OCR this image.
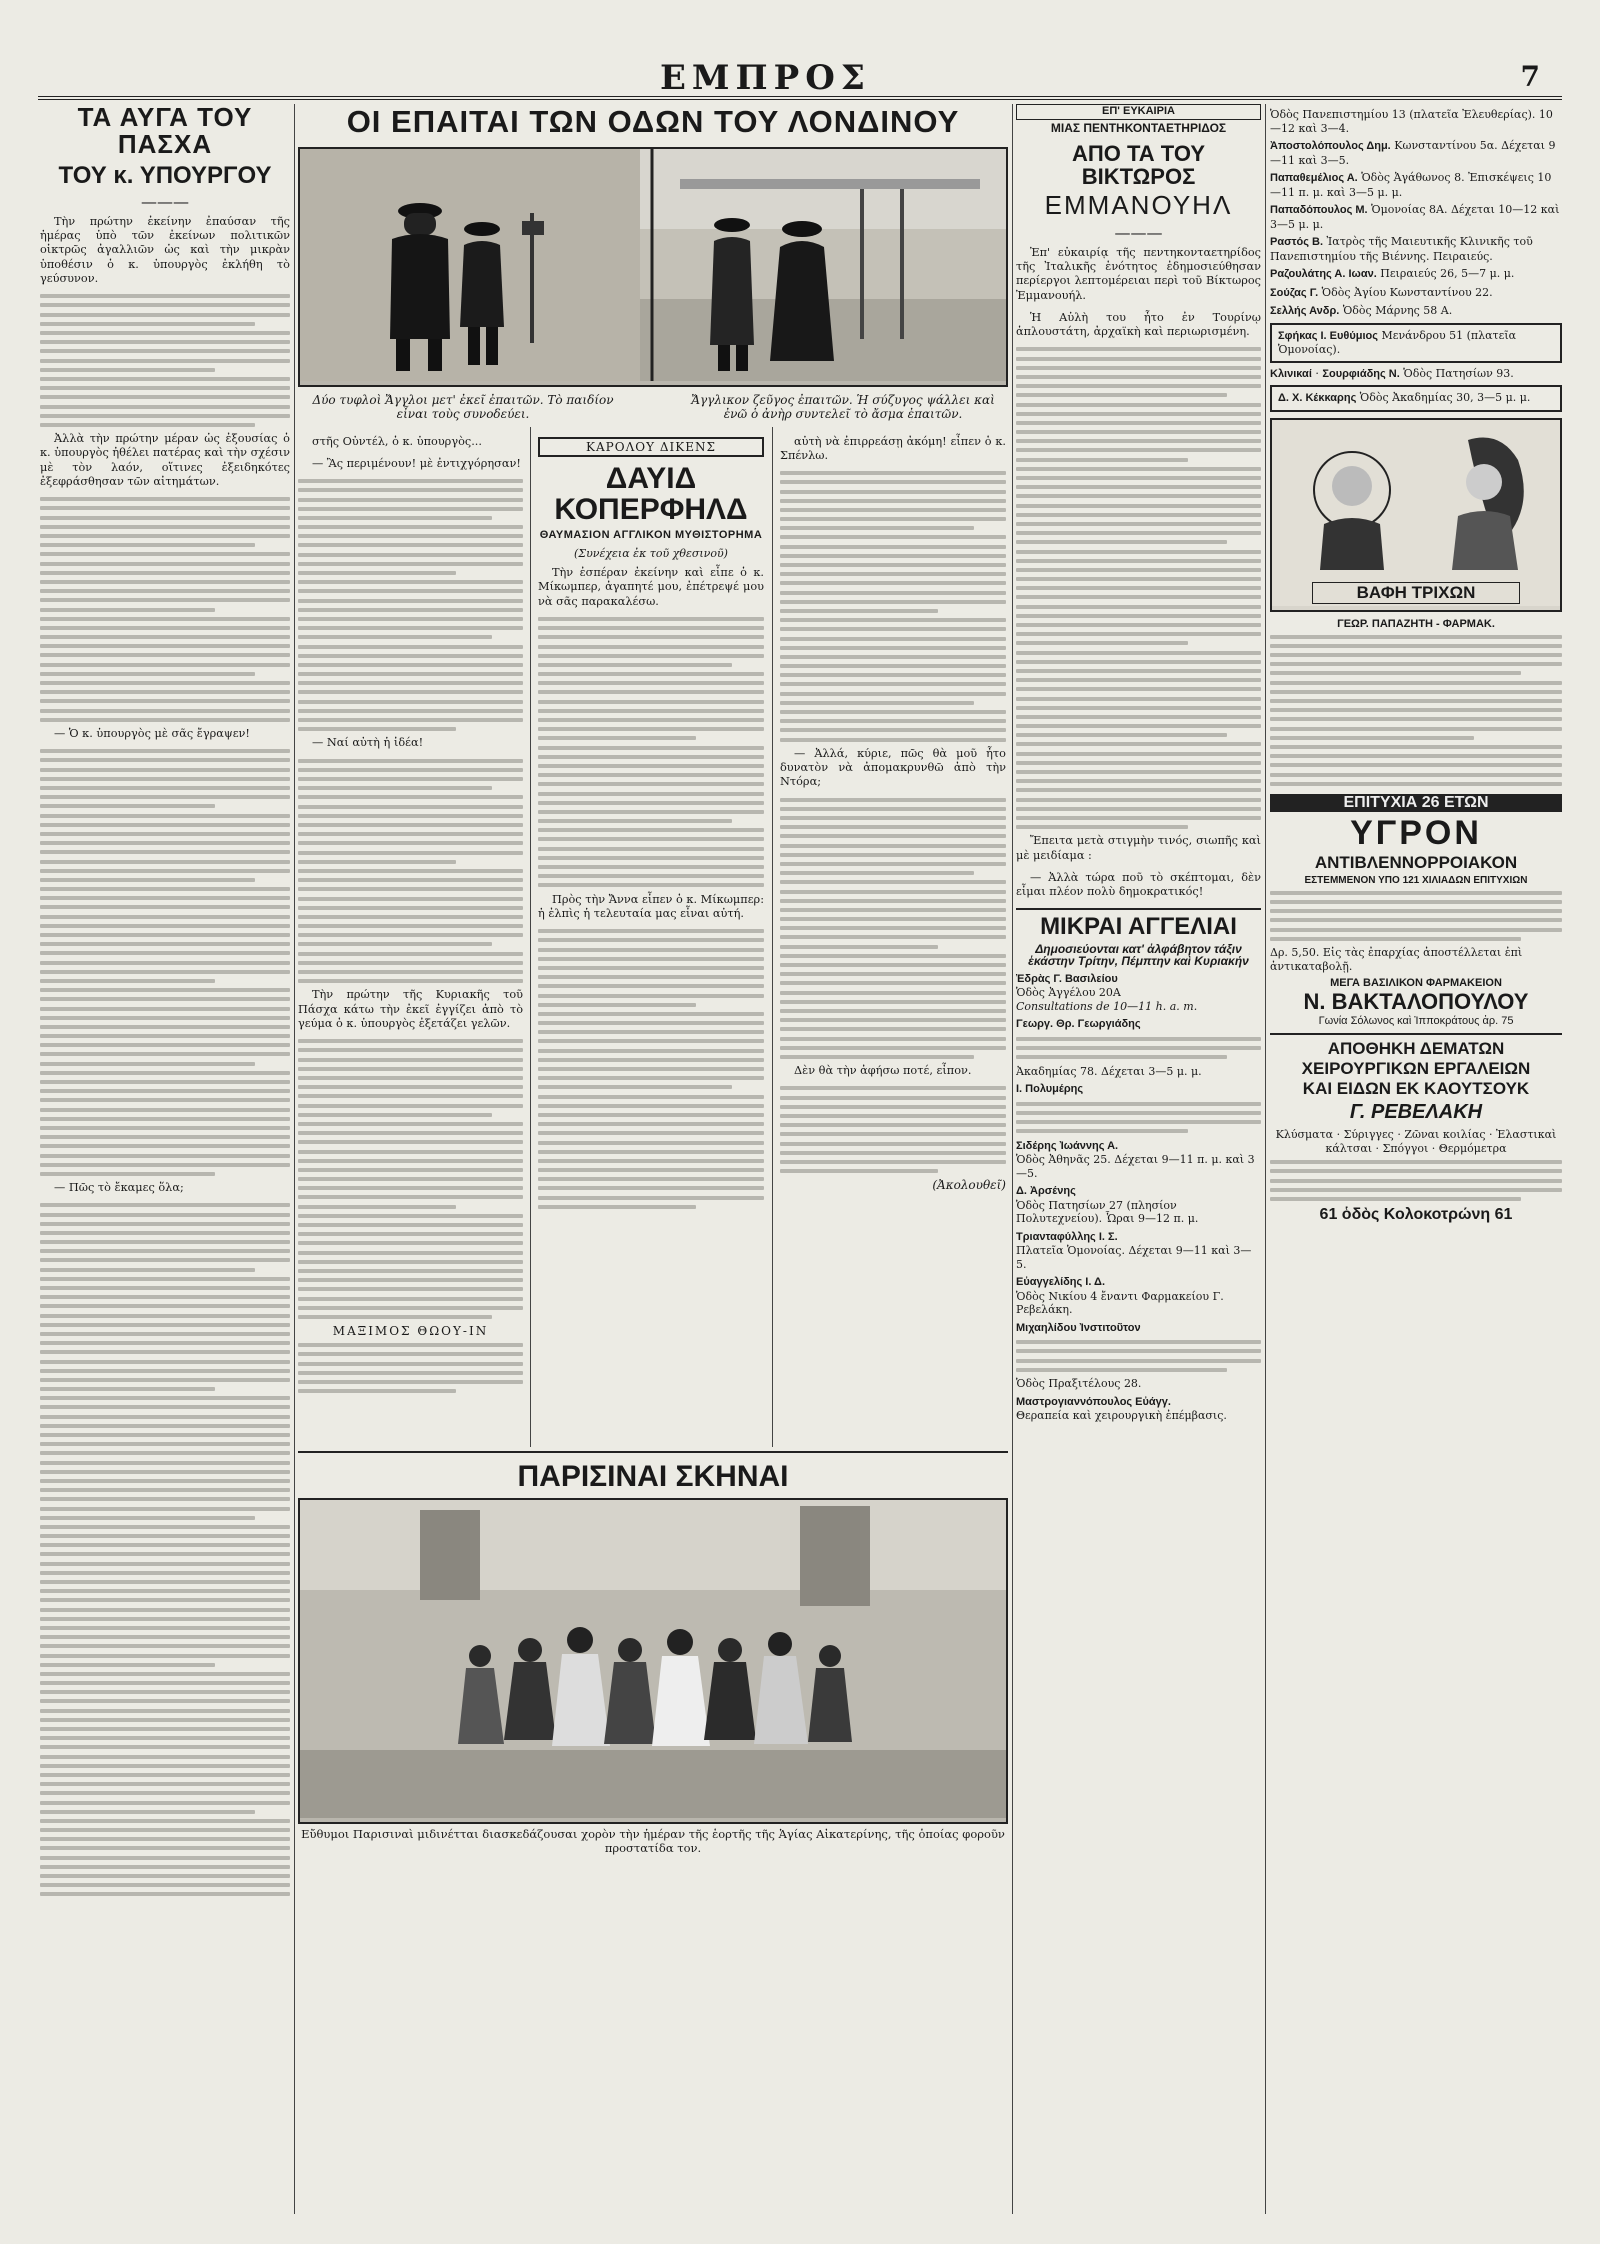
ΕΜΠΡΟΣ	7
ΤΑ ΑΥΓΑ ΤΟΥ ΠΑΣΧΑ
ΤΟΥ κ. ΥΠΟΥΡΓΟΥ
———

Τὴν πρώτην ἐκείνην ἐπαύσαν τῆς ἡμέρας ὑπὸ τῶν ἐκείνων πολιτικῶν οἰκτρῶς ἀγαλλιῶν ὡς καὶ τὴν μικρὰν ὑποθέσιν ὁ κ. ὑπουργὸς ἐκλήθη τὸ γεύσυνον.

Ἀλλὰ τὴν πρώτην μέραν ὡς ἐξουσίας ὁ κ. ὑπουργὸς ἠθέλει πατέρας καὶ τὴν σχέσιν μὲ τὸν λαόν, οἵτινες ἐξειδηκότες ἐξεφράσθησαν τῶν αἰτημάτων.

— Ὁ κ. ὑπουργὸς μὲ σᾶς ἔγραψεν!

— Πῶς τὸ ἔκαμες ὅλα;

ΟΙ ΕΠΑΙΤΑΙ ΤΩΝ ΟΔΩΝ ΤΟΥ ΛΟΝΔΙΝΟΥ
Δύο τυφλοὶ Ἄγγλοι μετ' ἐκεῖ ἐπαιτῶν. Τὸ παιδίον εἶναι τοὺς συνοδεύει.
Ἄγγλικον ζεῦγος ἐπαιτῶν. Ἡ σύζυγος ψάλλει καὶ ἐνῶ ὁ ἀνὴρ συντελεῖ τὸ ἄσμα ἐπαιτῶν.

στῆς Οὐντέλ, ὁ κ. ὑπουργὸς...

— Ἂς περιμένουν! μὲ ἐντιχγόρησαν!

— Ναί αὐτὴ ἡ ἰδέα!

Τὴν πρώτην τῆς Κυριακῆς τοῦ Πάσχα κάτω τὴν ἐκεῖ ἐγγίζει ἀπὸ τὸ γεύμα ὁ κ. ὑπουργὸς ἐξετάζει γελῶν.

ΜΑΞΙΜΟΣ ΘΩΟΥ-ΙΝ
ΚΑΡΟΛΟΥ ΔΙΚΕΝΣ
ΔΑΥΙΔ ΚΟΠΕΡΦΗΛΔ
ΘΑΥΜΑΣΙΟΝ ΑΓΓΛΙΚΟΝ ΜΥΘΙΣΤΟΡΗΜΑ
(Συνέχεια ἐκ τοῦ χθεσινοῦ)

Τὴν ἐσπέραν ἐκείνην καὶ εἶπε ὁ κ. Μίκωμπερ, ἀγαπητέ μου, ἐπέτρεψέ μου νὰ σᾶς παρακαλέσω.

Πρὸς τὴν Ἄννα εἶπεν ὁ κ. Μίκωμπερ: ἡ ἐλπὶς ἡ τελευταία μας εἶναι αὐτή.

αὐτὴ νὰ ἐπιρρεάσῃ ἀκόμη! εἶπεν ὁ κ. Σπένλω.

— Ἀλλά, κύριε, πῶς θὰ μοῦ ἦτο δυνατὸν νὰ ἀπομακρυνθῶ ἀπὸ τὴν Ντόρα;

Δὲν θὰ τὴν ἀφήσω ποτέ, εἶπον.

(Ἀκολουθεῖ)
ΠΑΡΙΣΙΝΑΙ ΣΚΗΝΑΙ
Εὔθυμοι Παρισιναὶ μιδινέτται διασκεδάζουσαι χορὸν τὴν ἡμέραν τῆς ἑορτῆς τῆς Ἁγίας Αἰκατερίνης, τῆς ὁποίας φοροῦν προστατίδα τον.
ΕΠ' ΕΥΚΑΙΡΙΑ
ΜΙΑΣ ΠΕΝΤΗΚΟΝΤΑΕΤΗΡΙΔΟΣ
ΑΠΟ ΤΑ ΤΟΥ ΒΙΚΤΩΡΟΣ
ΕΜΜΑΝΟΥΗΛ
———

Ἐπ' εὐκαιρίᾳ τῆς πεντηκονταετηρίδος τῆς Ἰταλικῆς ἑνότητος ἐδημοσιεύθησαν περίεργοι λεπτομέρειαι περὶ τοῦ Βίκτωρος Ἐμμανουήλ.

Ἡ Αὐλὴ του ἦτο ἐν Τουρίνῳ ἁπλουστάτη, ἀρχαϊκὴ καὶ περιωρισμένη.

Ἔπειτα μετὰ στιγμὴν τινός, σιωπῆς καὶ μὲ μειδίαμα :

— Ἀλλὰ τώρα ποῦ τὸ σκέπτομαι, δὲν εἶμαι πλέον πολὺ δημοκρατικός!

ΜΙΚΡΑΙ ΑΓΓΕΛΙΑΙ
Δημοσιεύονται κατ' ἀλφάβητον τάξιν ἑκάστην Τρίτην, Πέμπτην καὶ Κυριακήν
Ἐδρὰς Γ. Βασιλείου
Ὁδὸς Ἀγγέλου 20Α
Consultations de 10—11 h. a. m.
Γεωργ. Θρ. Γεωργιάδης
Ἀκαδημίας 78. Δέχεται 3—5 μ. μ.
Ι. Πολυμέρης
Σιδέρης Ἰωάννης Α.
Ὁδὸς Ἀθηνᾶς 25. Δέχεται 9—11 π. μ. καὶ 3—5.
Δ. Ἀρσένης
Ὁδὸς Πατησίων 27 (πλησίον Πολυτεχνείου). Ὧραι 9—12 π. μ.
Τριανταφύλλης Ι. Σ.
Πλατεῖα Ὁμονοίας. Δέχεται 9—11 καὶ 3—5.
Εὐαγγελίδης Ι. Δ.
Ὁδὸς Νικίου 4 ἔναντι Φαρμακείου Γ. Ρεβελάκη.
Μιχαηλίδου Ἰνστιτοῦτον
Ὁδὸς Πραξιτέλους 28.
Μαστρογιαννόπουλος Εὐάγγ.
Θεραπεία καὶ χειρουργικὴ ἐπέμβασις.
Ὁδὸς Πανεπιστημίου 13 (πλατεῖα Ἐλευθερίας). 10—12 καὶ 3—4.
Ἀποστολόπουλος Δημ. Κωνσταντίνου 5α. Δέχεται 9—11 καὶ 3—5.
Παπαθεμέλιος Α. Ὁδὸς Ἀγάθωνος 8. Ἐπισκέψεις 10—11 π. μ. καὶ 3—5 μ. μ.
Παπαδόπουλος Μ. Ὁμονοίας 8Α. Δέχεται 10—12 καὶ 3—5 μ. μ.
Ραστός Β. Ἰατρὸς τῆς Μαιευτικῆς Κλινικῆς τοῦ Πανεπιστημίου τῆς Βιέννης. Πειραιεύς.
Ραζουλάτης Α. Ιωαν. Πειραιεύς 26, 5—7 μ. μ.
Σούζας Γ. Ὁδὸς Ἀγίου Κωνσταντίνου 22.
Σελλής Ανδρ. Ὁδὸς Μάρνης 58 Α.
Σφήκας Ι. Ευθύμιος Μενάνδρου 51 (πλατεῖα Ὁμονοίας).
Κλινικαί · Σουρφιάδης Ν. Ὁδὸς Πατησίων 93.
Δ. Χ. Κέκκαρης Ὁδὸς Ἀκαδημίας 30, 3—5 μ. μ.
ΒΑΦΗ ΤΡΙΧΩΝ
ΓΕΩΡ. ΠΑΠΑΖΗΤΗ - ΦΑΡΜΑΚ.
ΕΠΙΤΥΧΙΑ 26 ΕΤΩΝ
ΥΓΡΟΝ
ΑΝΤΙΒΛΕΝΝΟΡΡΟΙΑΚΟΝ
ΕΣΤΕΜΜΕΝΟΝ ΥΠΟ 121 ΧΙΛΙΑΔΩΝ ΕΠΙΤΥΧΙΩΝ
Δρ. 5,50. Εἰς τὰς ἐπαρχίας ἀποστέλλεται ἐπὶ ἀντικαταβολῇ.
ΜΕΓΑ ΒΑΣΙΛΙΚΟΝ ΦΑΡΜΑΚΕΙΟΝ
Ν. ΒΑΚΤΑΛΟΠΟΥΛΟΥ
Γωνία Σόλωνος καὶ Ἱπποκράτους ἀρ. 75
ΑΠΟΘΗΚΗ ΔΕΜΑΤΩΝ
ΧΕΙΡΟΥΡΓΙΚΩΝ ΕΡΓΑΛΕΙΩΝ
ΚΑΙ ΕΙΔΩΝ ΕΚ ΚΑΟΥΤΣΟΥΚ
Γ. ΡΕΒΕΛΑΚΗ
Κλύσματα · Σύριγγες · Ζῶναι κοιλίας · Ἐλαστικαὶ κάλτσαι · Σπόγγοι · Θερμόμετρα
61 ὁδὸς Κολοκοτρώνη 61
